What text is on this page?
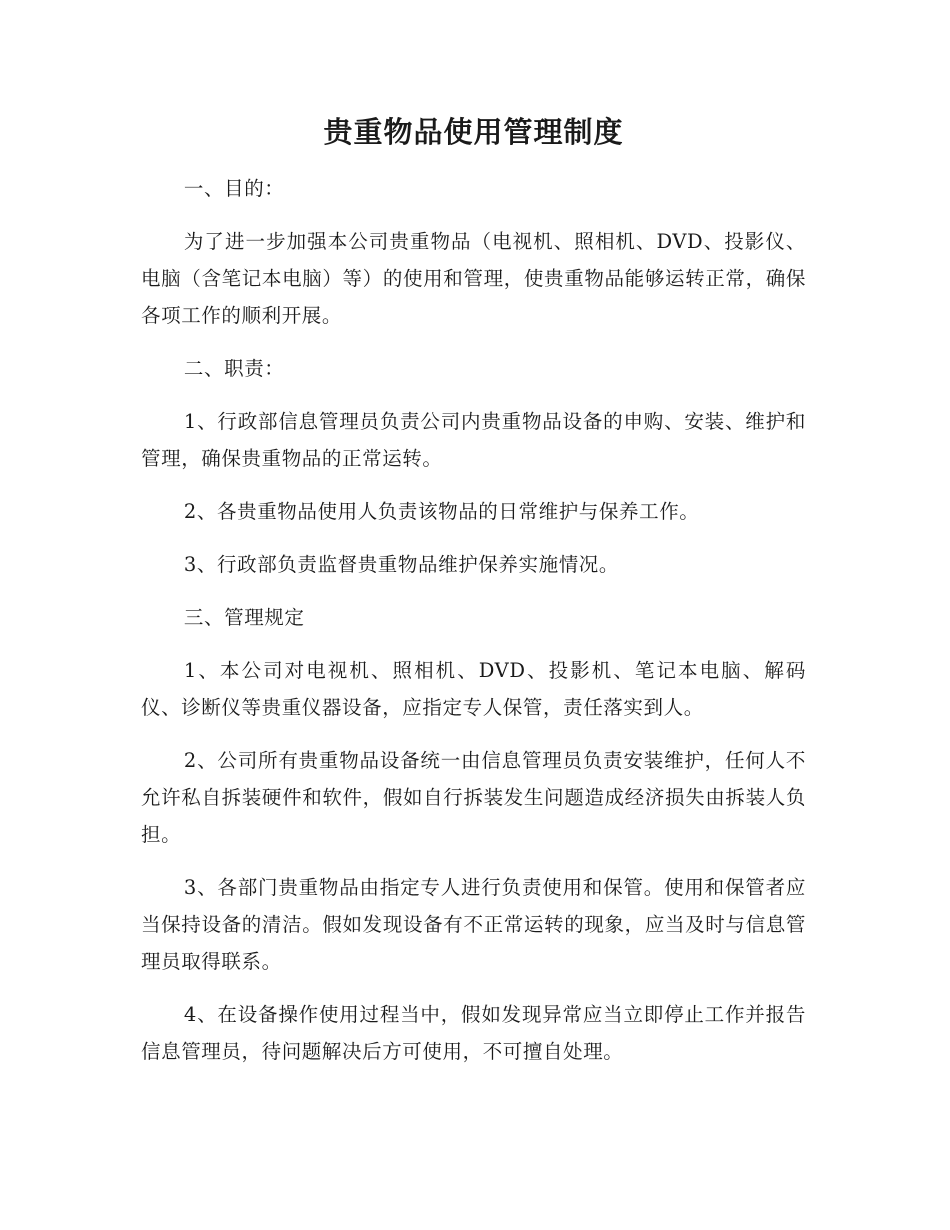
贵重物品使用管理制度

一、目的：

为了进一步加强本公司贵重物品（电视机、照相机、DVD、投影仪、电脑（含笔记本电脑）等）的使用和管理，使贵重物品能够运转正常，确保各项工作的顺利开展。

二、职责：

1、行政部信息管理员负责公司内贵重物品设备的申购、安装、维护和管理，确保贵重物品的正常运转。

2、各贵重物品使用人负责该物品的日常维护与保养工作。

3、行政部负责监督贵重物品维护保养实施情况。

三、管理规定

1、本公司对电视机、照相机、DVD、投影机、笔记本电脑、解码仪、诊断仪等贵重仪器设备，应指定专人保管，责任落实到人。

2、公司所有贵重物品设备统一由信息管理员负责安装维护，任何人不允许私自拆装硬件和软件，假如自行拆装发生问题造成经济损失由拆装人负担。

3、各部门贵重物品由指定专人进行负责使用和保管。使用和保管者应当保持设备的清洁。假如发现设备有不正常运转的现象，应当及时与信息管理员取得联系。

4、在设备操作使用过程当中，假如发现异常应当立即停止工作并报告信息管理员，待问题解决后方可使用，不可擅自处理。
